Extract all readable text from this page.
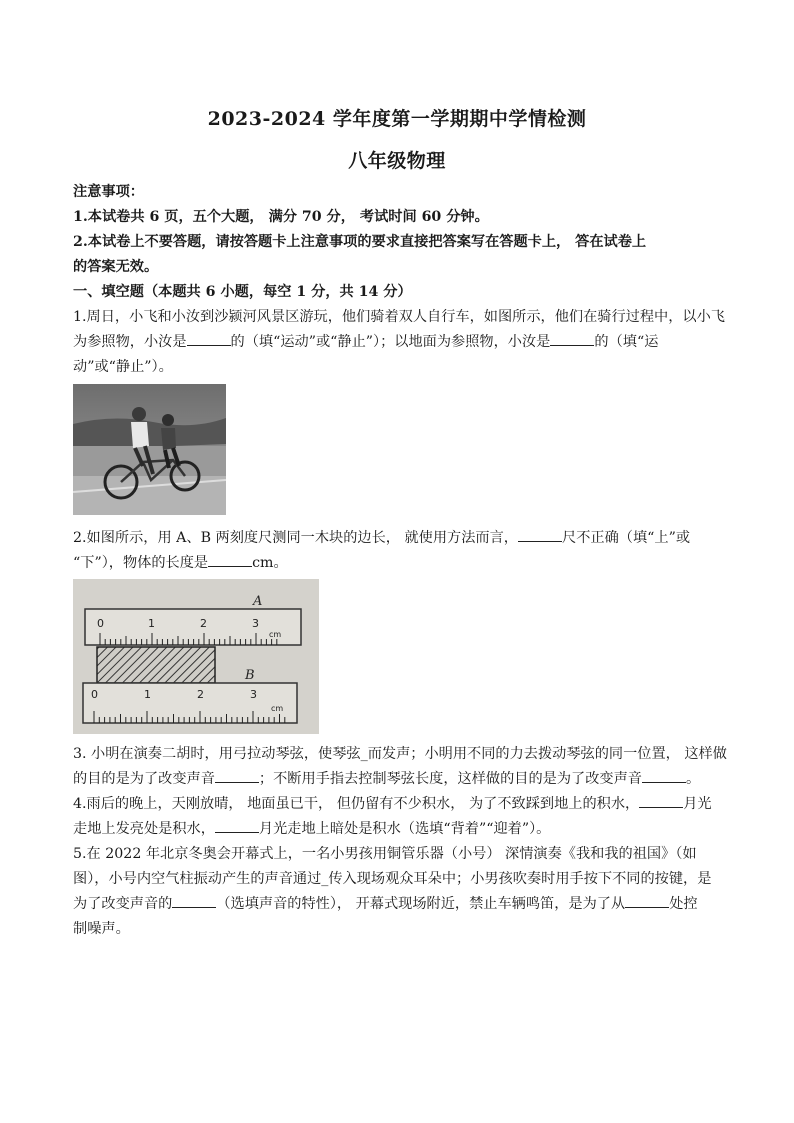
2023-2024 学年度第一学期期中学情检测
八年级物理
注意事项：
1.本试卷共 6 页，五个大题， 满分 70 分， 考试时间 60 分钟。
2.本试卷上不要答题，请按答题卡上注意事项的要求直接把答案写在答题卡上， 答在试卷上
的答案无效。
一、填空题（本题共 6 小题，每空 1 分，共 14 分）
1.周日，小飞和小汝到沙颍河风景区游玩，他们骑着双人自行车，如图所示，他们在骑行过程中，以小飞
为参照物，小汝是	的（填“运动”或“静止”）；以地面为参照物，小汝是	的（填“运
动”或“静止”）。
2.如图所示，用 A、B 两刻度尺测同一木块的边长， 就使用方法而言，	尺不正确（填“上”或
“下”），物体的长度是	cm。
A
0	1	2	3
cm
B
0	1	2	3
cm
3. 小明在演奏二胡时，用弓拉动琴弦，使琴弦_而发声；小明用不同的力去拨动琴弦的同一位置， 这样做
的目的是为了改变声音	；不断用手指去控制琴弦长度，这样做的目的是为了改变声音	。
4.雨后的晚上，天刚放晴， 地面虽已干， 但仍留有不少积水， 为了不致踩到地上的积水，	月光
走地上发亮处是积水，	月光走地上暗处是积水（选填“背着”“迎着”）。
5.在 2022 年北京冬奥会开幕式上，一名小男孩用铜管乐器（小号） 深情演奏《我和我的祖国》（如
图），小号内空气柱振动产生的声音通过_传入现场观众耳朵中；小男孩吹奏时用手按下不同的按键，是
为了改变声音的	（选填声音的特性）， 开幕式现场附近，禁止车辆鸣笛，是为了从	处控
制噪声。
